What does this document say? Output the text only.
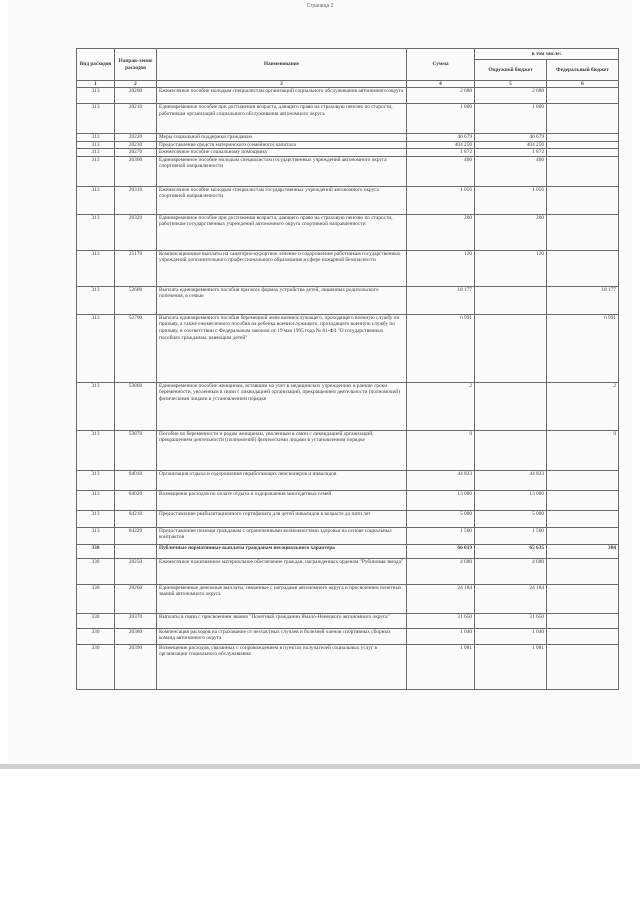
Страница 2
Вид расходов	Направ-ление расходов	Наименование	Сумма	в том числе:	
				Окружной бюджет	Федеральный бюджет
1	2	3	4	5	6
313	20200	Ежемесячное пособие молодым специалистам организаций социального обслуживания автономного округа	2 688	2 688	
313	20210	Единовременное пособие при достижении возраста, дающего право на страховую пенсию по старости, работникам организаций социального обслуживания автономного округа	1 800	1 800	
313	20220	Меры социальной поддержки гражданам	40 679	40 679	
313	20230	Предоставление средств материнского (семейного) капитала	404 250	404 250	
313	20270	Ежемесячное пособие социальному помощнику	1 872	1 872	
313	20300	Единовременное пособие молодым специалистам государственных учреждений автономного округа спортивной направленности	400	400	
313	20310	Ежемесячное пособие молодым специалистам государственных учреждений автономного округа спортивной направленности	1 056	1 056	
313	20320	Единовременное пособие при достижении возраста, дающего право на страховую пенсию по старости, работникам государственных учреждений автономного округа спортивной направленности	200	200	
313	25170	Компенсационные выплаты на санаторно-курортное лечение и оздоровление работникам государственных учреждений дополнительного профессионального образования в сфере пожарной безопасности	120	120	
313	52600	Выплата единовременного пособия при всех формах устройства детей, лишенных родительского попечения, в семью	18 177		18 177
313	52700	Выплата единовременного пособия беременной жене военнослужащего, проходящего военную службу по призыву, а также ежемесячного пособия на ребенка военнослужащего, проходящего военную службу по призыву, в соответствии с Федеральным законом от 19 мая 1995 года № 81-ФЗ "О государственных пособиях гражданам, имеющим детей"	6 991		6 991
313	53860	Единовременное пособие женщинам, вставшим на учет в медицинских учреждениях в ранние сроки беременности, уволенным в связи с ликвидацией организаций, прекращением деятельности (полномочий) физическими лицами в установленном порядке	2		2
313	53870	Пособие по беременности и родам женщинам, уволенным в связи с ликвидацией организаций, прекращением деятельности (полномочий) физическими лицами в установленном порядке	9		9
313	84010	Организация отдыха и оздоровления неработающих пенсионеров и инвалидов	44 823	44 823	
313	84020	Возмещение расходов по оплате отдыха и оздоровления многодетных семей	13 000	13 000	
313	84210	Предоставление реабилитационного сертификата для детей инвалидов в возрасте до пяти лет	5 000	5 000	
313	84220	Предоставление помощи гражданам с ограниченными возможностями здоровья на основе социальных контрактов	1 500	1 500	
330		Публичные нормативные выплаты гражданам несоциального характера	66 019	65 635	384
330	20250	Ежемесячное пожизненное материальное обеспечение граждан, награжденных орденом "Рубиновая звезда"	4 680	4 680	
330	20260	Единовременные денежные выплаты, связанные с наградами автономного округа и присвоением почетных званий автономного округа	24 184	24 184	
330	20370	Выплаты в связи с присвоением звания "Почетный гражданин Ямало-Ненецкого автономного округа"	31 650	31 650	
330	20380	Компенсация расходов на страхование от несчастных случаев и болезней членов спортивных сборных команд автономного округа	1 040	1 040	
330	20390	Возмещение расходов, связанных с сопровождением в пунктах получателей социальных услуг в организации социального обслуживания	1 081	1 081	
